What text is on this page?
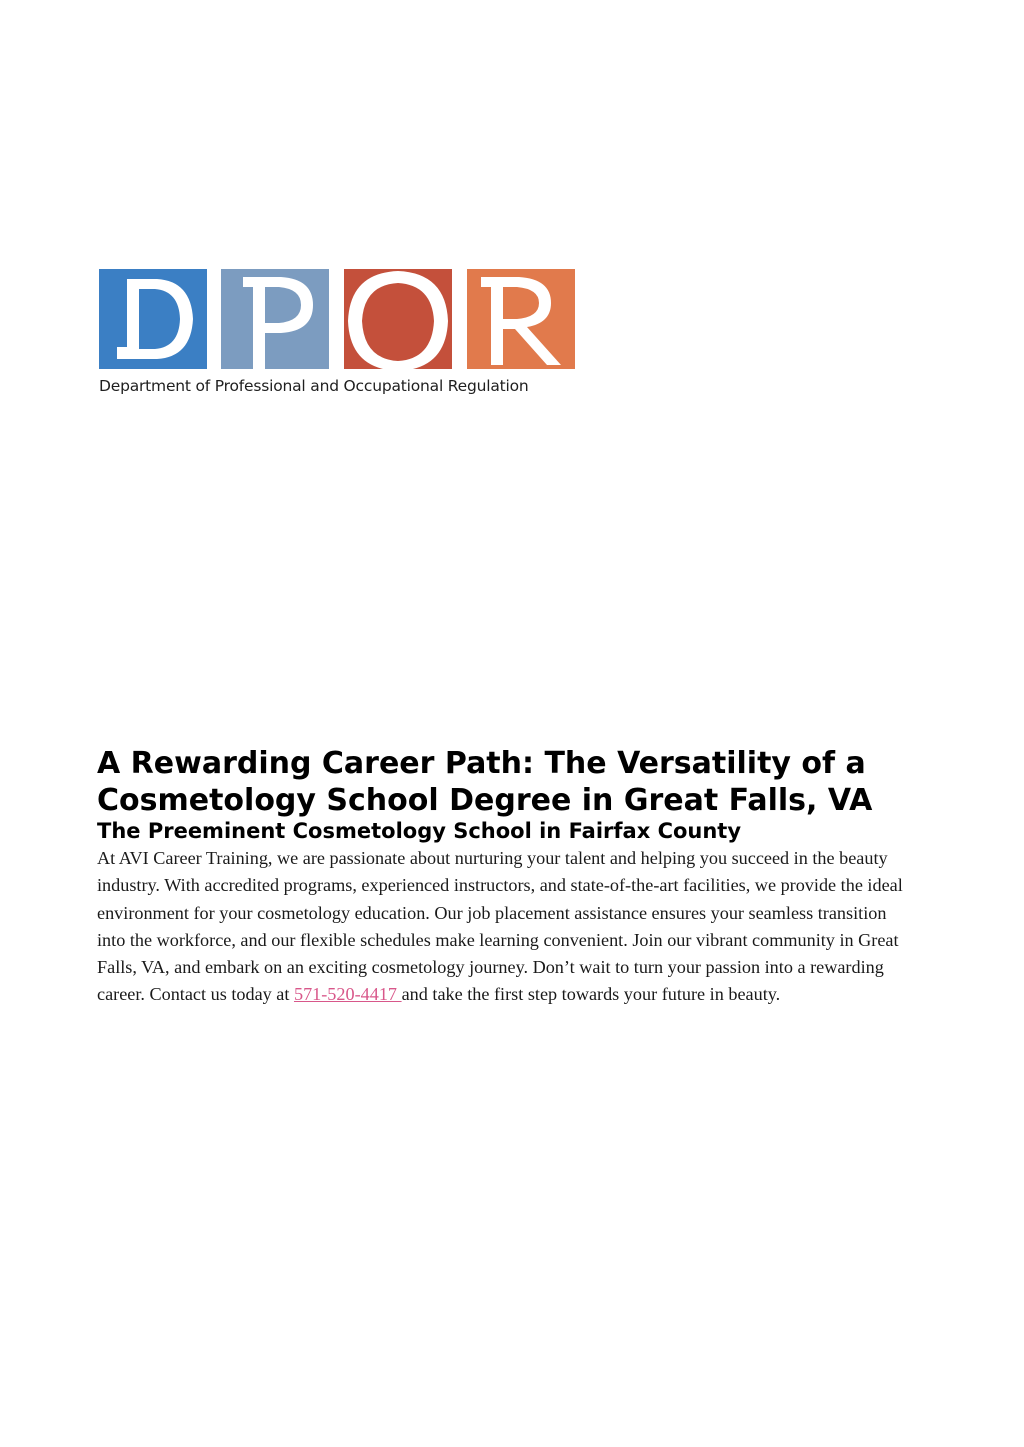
Department of Professional and Occupational Regulation
A Rewarding Career Path: The Versatility of a Cosmetology School Degree in Great Falls, VA
The Preeminent Cosmetology School in Fairfax County

At AVI Career Training, we are passionate about nurturing your talent and helping you succeed in the beauty industry. With accredited programs, experienced instructors, and state-of-the-art facilities, we provide the ideal environment for your cosmetology education. Our job placement assistance ensures your seamless transition into the workforce, and our flexible schedules make learning convenient. Join our vibrant community in Great Falls, VA, and embark on an exciting cosmetology journey. Don’t wait to turn your passion into a rewarding career. Contact us today at 571-520-4417 and take the first step towards your future in beauty.
